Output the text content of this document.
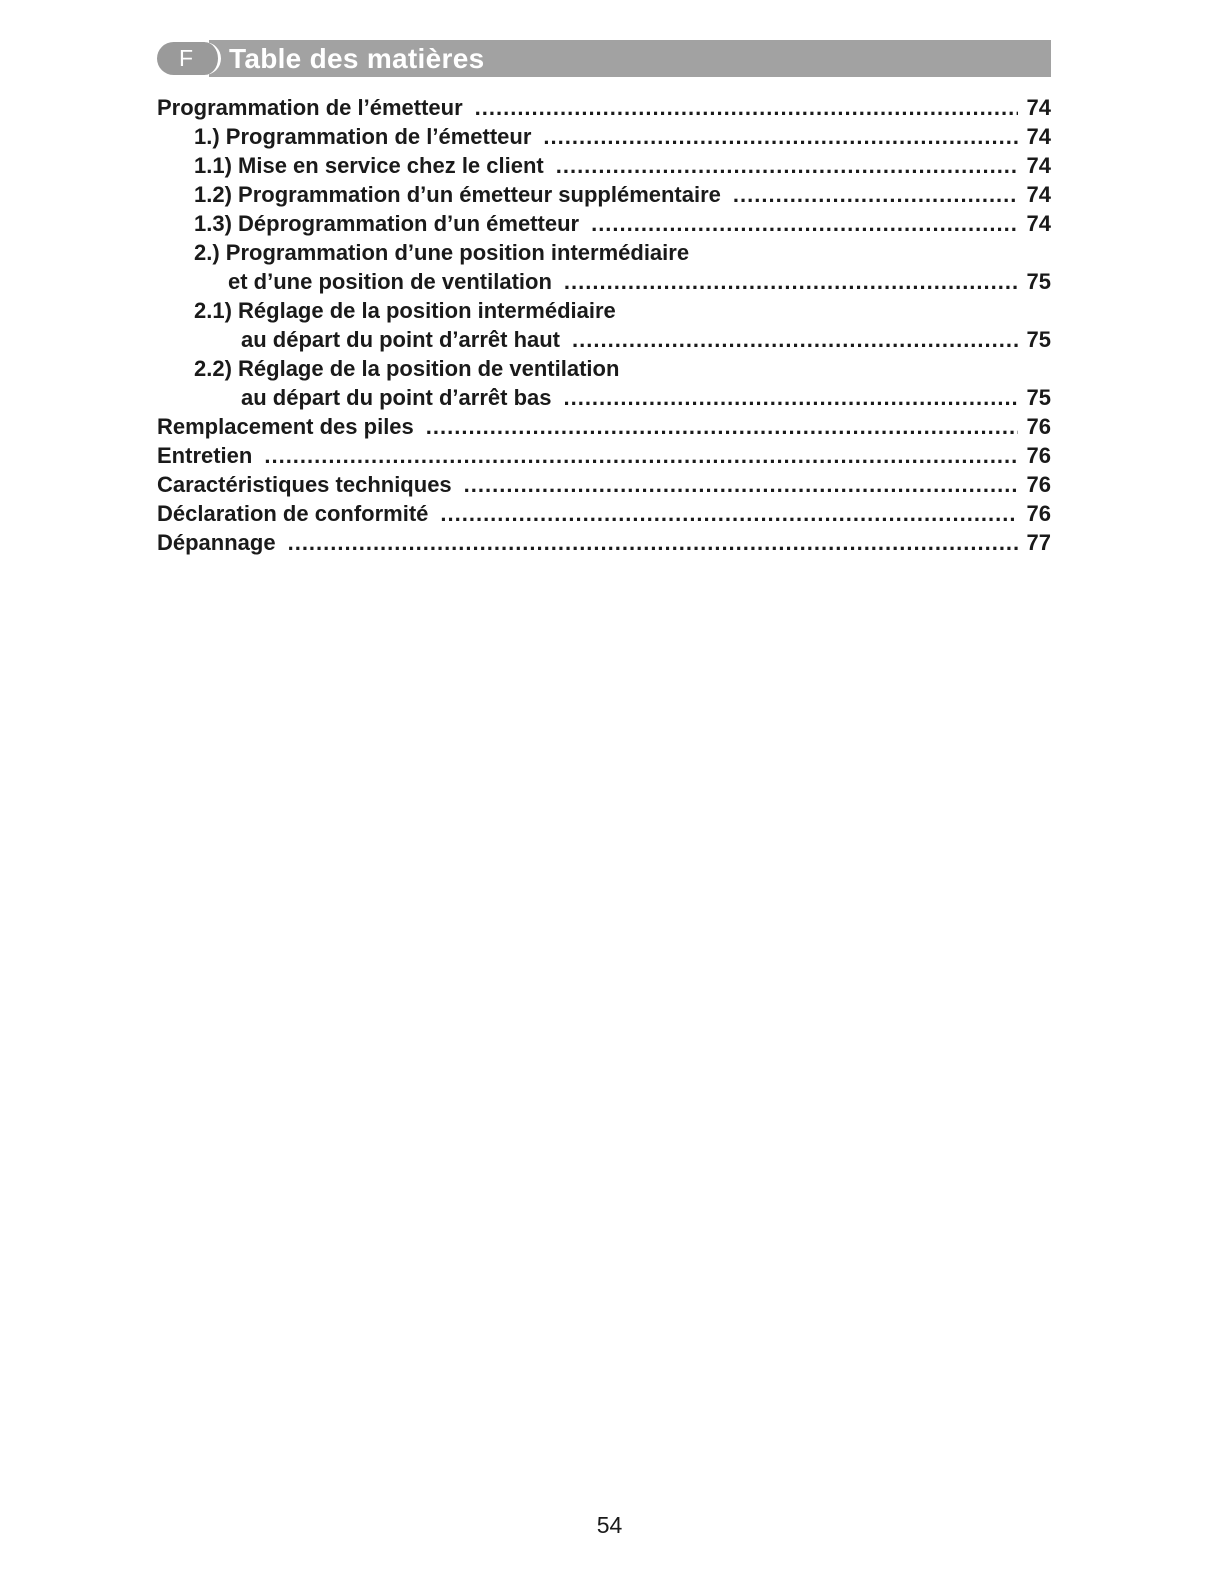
F Table des matières
Programmation de l’émetteur .....	74
1.) Programmation de l’émetteur .....	74
1.1) Mise en service chez le client .....	74
1.2) Programmation d’un émetteur supplémentaire .....	74
1.3) Déprogrammation d’un émetteur .....	74
2.) Programmation d’une position intermédiaire
et d’une position de ventilation .....	75
2.1) Réglage de la position intermédiaire
au départ du point d’arrêt haut .....	75
2.2) Réglage de la position de ventilation
au départ du point d’arrêt bas .....	75
Remplacement des piles .....	76
Entretien .....	76
Caractéristiques techniques .....	76
Déclaration de conformité .....	76
Dépannage .....	77
54
